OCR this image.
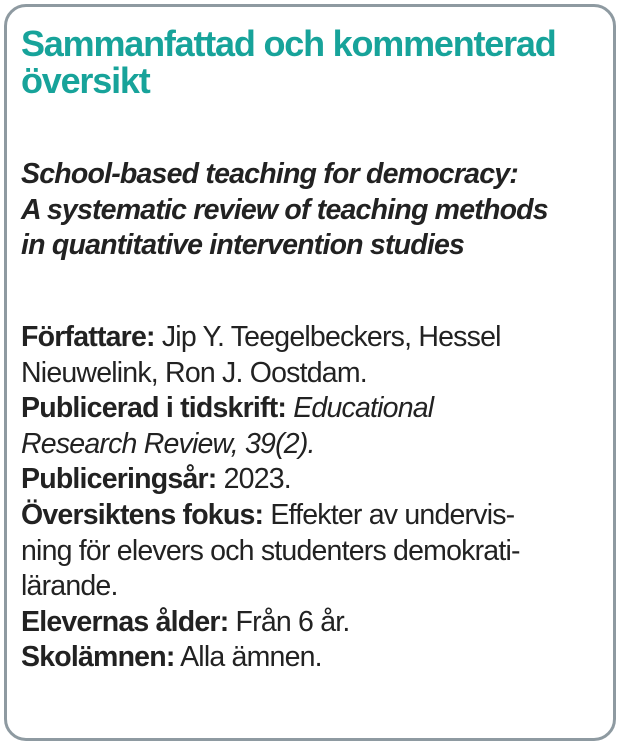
Sammanfattad och kommenterad
översikt
School-based teaching for democracy:
A systematic review of teaching methods
in quantitative intervention studies
Författare: Jip Y. Teegelbeckers, Hessel
Nieuwelink, Ron J. Oostdam.
Publicerad i tidskrift: Educational
Research Review, 39(2).
Publiceringsår: 2023.
Översiktens fokus: Effekter av undervis-
ning för elevers och studenters demokrati-
lärande.
Elevernas ålder: Från 6 år.
Skolämnen: Alla ämnen.
